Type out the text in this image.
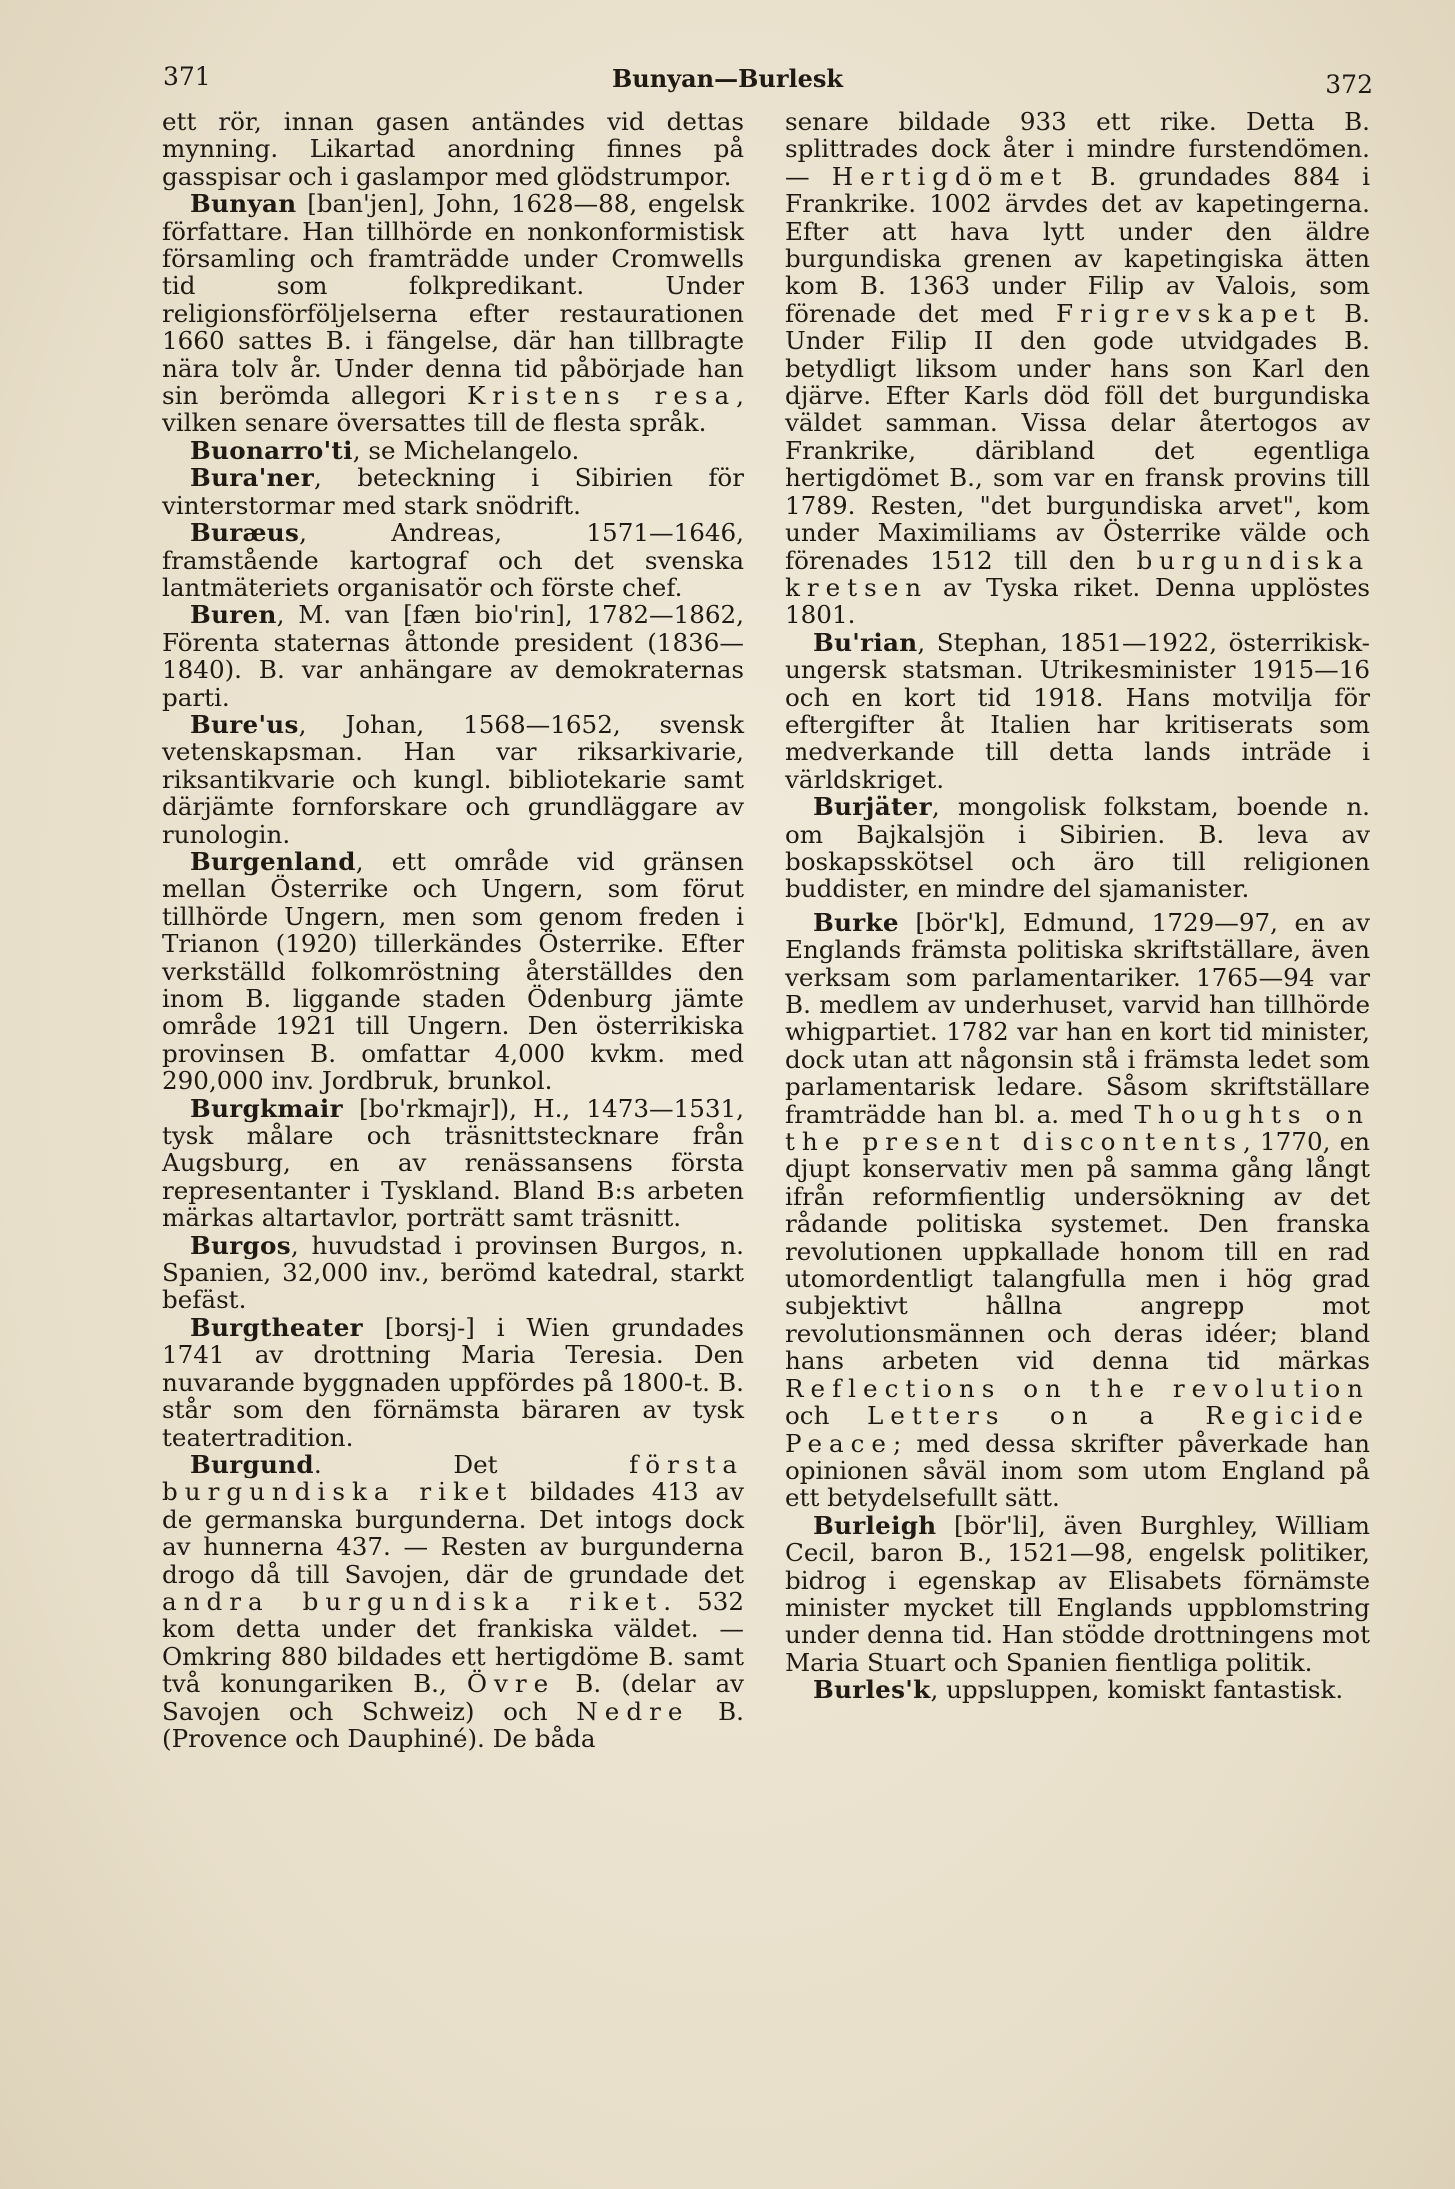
371	Bunyan—Burlesk	372

ett rör, innan gasen antändes vid dettas mynning. Likartad anordning finnes på gasspisar och i gaslampor med glödstrumpor.

Bunyan [ban'jen], John, 1628—88, engelsk författare. Han tillhörde en nonkonformistisk församling och framträdde under Cromwells tid som folkpredikant. Under religionsförföljelserna efter restaurationen 1660 sattes B. i fängelse, där han tillbragte nära tolv år. Under denna tid påbörjade han sin berömda allegori Kristens resa, vilken senare översattes till de flesta språk.

Buonarro'ti, se Michelangelo.

Bura'ner, beteckning i Sibirien för vinterstormar med stark snödrift.

Buræus, Andreas, 1571—1646, framstående kartograf och det svenska lantmäteriets organisatör och förste chef.

Buren, M. van [fæn bio'rin], 1782—1862, Förenta staternas åttonde president (1836—1840). B. var anhängare av demokraternas parti.

Bure'us, Johan, 1568—1652, svensk vetenskapsman. Han var riksarkivarie, riksantikvarie och kungl. bibliotekarie samt därjämte fornforskare och grundläggare av runologin.

Burgenland, ett område vid gränsen mellan Österrike och Ungern, som förut tillhörde Ungern, men som genom freden i Trianon (1920) tillerkändes Österrike. Efter verkställd folkomröstning återställdes den inom B. liggande staden Ödenburg jämte område 1921 till Ungern. Den österrikiska provinsen B. omfattar 4,000 kvkm. med 290,000 inv. Jordbruk, brunkol.

Burgkmair [bo'rkmajr]), H., 1473—1531, tysk målare och träsnittstecknare från Augsburg, en av renässansens första representanter i Tyskland. Bland B:s arbeten märkas altartavlor, porträtt samt träsnitt.

Burgos, huvudstad i provinsen Burgos, n. Spanien, 32,000 inv., berömd katedral, starkt befäst.

Burgtheater [borsj-] i Wien grundades 1741 av drottning Maria Teresia. Den nuvarande byggnaden uppfördes på 1800-t. B. står som den förnämsta bäraren av tysk teatertradition.

Burgund. Det första burgundiska riket bildades 413 av de germanska burgunderna. Det intogs dock av hunnerna 437. — Resten av burgunderna drogo då till Savojen, där de grundade det andra burgundiska riket. 532 kom detta under det frankiska väldet. — Omkring 880 bildades ett hertigdöme B. samt två konungariken B., Övre B. (delar av Savojen och Schweiz) och Nedre B. (Provence och Dauphiné). De båda

senare bildade 933 ett rike. Detta B. splittrades dock åter i mindre furstendömen. — Hertigdömet B. grundades 884 i Frankrike. 1002 ärvdes det av kapetingerna. Efter att hava lytt under den äldre burgundiska grenen av kapetingiska ätten kom B. 1363 under Filip av Valois, som förenade det med Frigrevskapet B. Under Filip II den gode utvidgades B. betydligt liksom under hans son Karl den djärve. Efter Karls död föll det burgundiska väldet samman. Vissa delar återtogos av Frankrike, däribland det egentliga hertigdömet B., som var en fransk provins till 1789. Resten, "det burgundiska arvet", kom under Maximiliams av Österrike välde och förenades 1512 till den burgundiska kretsen av Tyska riket. Denna upplöstes 1801.

Bu'rian, Stephan, 1851—1922, österrikisk-ungersk statsman. Utrikesminister 1915—16 och en kort tid 1918. Hans motvilja för eftergifter åt Italien har kritiserats som medverkande till detta lands inträde i världskriget.

Burjäter, mongolisk folkstam, boende n. om Bajkalsjön i Sibirien. B. leva av boskapsskötsel och äro till religionen buddister, en mindre del sjamanister.

Burke [bör'k], Edmund, 1729—97, en av Englands främsta politiska skriftställare, även verksam som parlamentariker. 1765—94 var B. medlem av underhuset, varvid han tillhörde whigpartiet. 1782 var han en kort tid minister, dock utan att någonsin stå i främsta ledet som parlamentarisk ledare. Såsom skriftställare framträdde han bl. a. med Thoughts on the present discontents, 1770, en djupt konservativ men på samma gång långt ifrån reformfientlig undersökning av det rådande politiska systemet. Den franska revolutionen uppkallade honom till en rad utomordentligt talangfulla men i hög grad subjektivt hållna angrepp mot revolutionsmännen och deras idéer; bland hans arbeten vid denna tid märkas Reflections on the revolution och Letters on a Regicide Peace; med dessa skrifter påverkade han opinionen såväl inom som utom England på ett betydelsefullt sätt.

Burleigh [bör'li], även Burghley, William Cecil, baron B., 1521—98, engelsk politiker, bidrog i egenskap av Elisabets förnämste minister mycket till Englands uppblomstring under denna tid. Han stödde drottningens mot Maria Stuart och Spanien fientliga politik.

Burles'k, uppsluppen, komiskt fantastisk.
